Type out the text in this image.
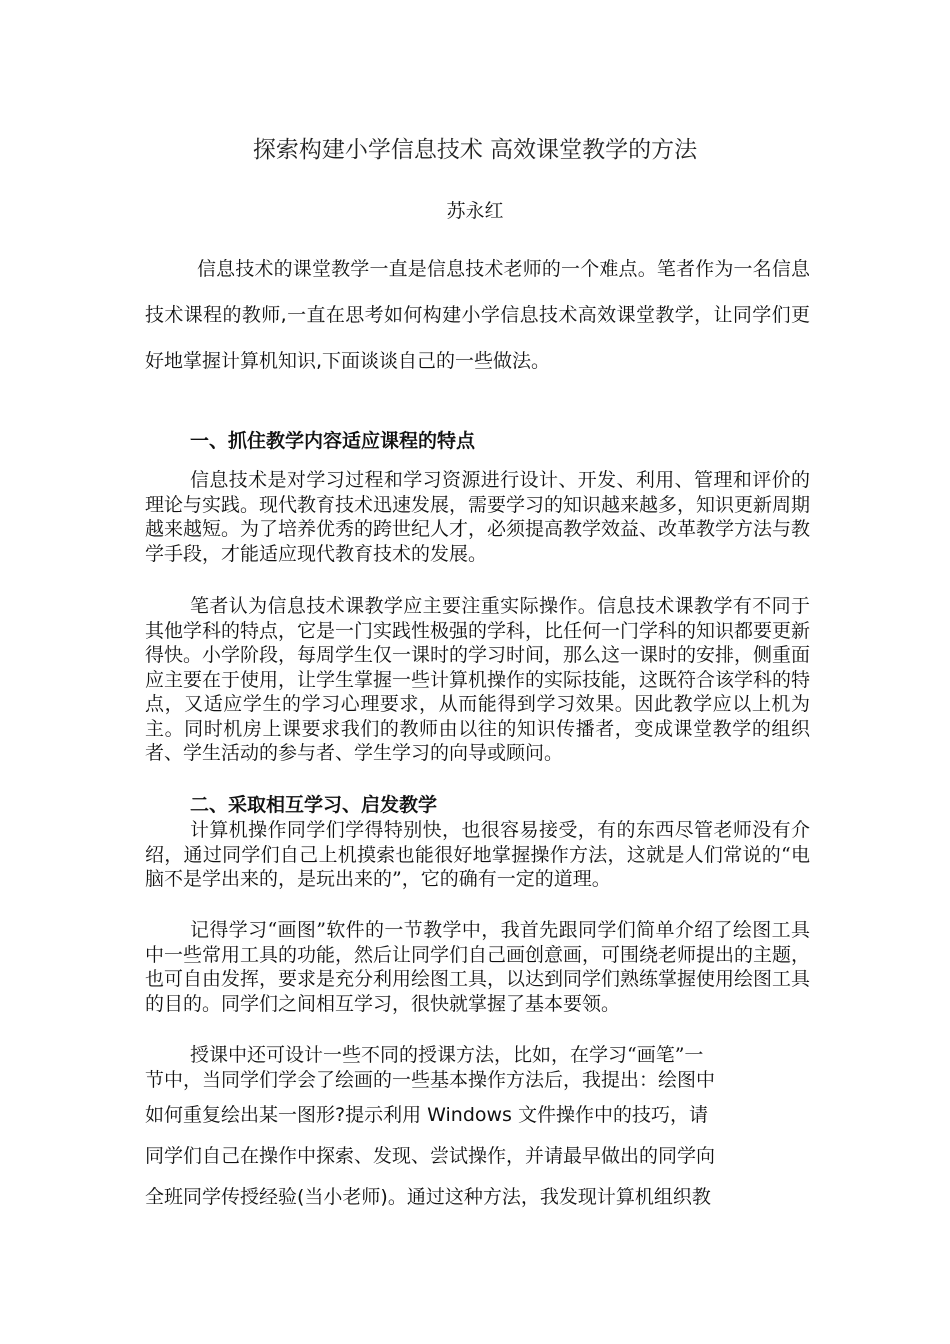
探索构建小学信息技术 高效课堂教学的方法
苏永红

信息技术的课堂教学一直是信息技术老师的一个难点。笔者作为一名信息技术课程的教师,一直在思考如何构建小学信息技术高效课堂教学，让同学们更好地掌握计算机知识,下面谈谈自己的一些做法。

一、抓住教学内容适应课程的特点

信息技术是对学习过程和学习资源进行设计、开发、利用、管理和评价的理论与实践。现代教育技术迅速发展，需要学习的知识越来越多，知识更新周期越来越短。为了培养优秀的跨世纪人才，必须提高教学效益、改革教学方法与教学手段，才能适应现代教育技术的发展。

笔者认为信息技术课教学应主要注重实际操作。信息技术课教学有不同于其他学科的特点，它是一门实践性极强的学科，比任何一门学科的知识都要更新得快。小学阶段，每周学生仅一课时的学习时间，那么这一课时的安排，侧重面应主要在于使用，让学生掌握一些计算机操作的实际技能，这既符合该学科的特点，又适应学生的学习心理要求，从而能得到学习效果。因此教学应以上机为主。同时机房上课要求我们的教师由以往的知识传播者，变成课堂教学的组织者、学生活动的参与者、学生学习的向导或顾问。

二、采取相互学习、启发教学

计算机操作同学们学得特别快，也很容易接受，有的东西尽管老师没有介绍，通过同学们自己上机摸索也能很好地掌握操作方法，这就是人们常说的“电脑不是学出来的，是玩出来的”，它的确有一定的道理。

记得学习“画图”软件的一节教学中，我首先跟同学们简单介绍了绘图工具中一些常用工具的功能，然后让同学们自己画创意画，可围绕老师提出的主题，也可自由发挥，要求是充分利用绘图工具，以达到同学们熟练掌握使用绘图工具的目的。同学们之间相互学习，很快就掌握了基本要领。

授课中还可设计一些不同的授课方法，比如，在学习“画笔”一
节中，当同学们学会了绘画的一些基本操作方法后，我提出：绘图中

如何重复绘出某一图形?提示利用 Windows 文件操作中的技巧，请
同学们自己在操作中探索、发现、尝试操作，并请最早做出的同学向
全班同学传授经验(当小老师)。通过这种方法，我发现计算机组织教
